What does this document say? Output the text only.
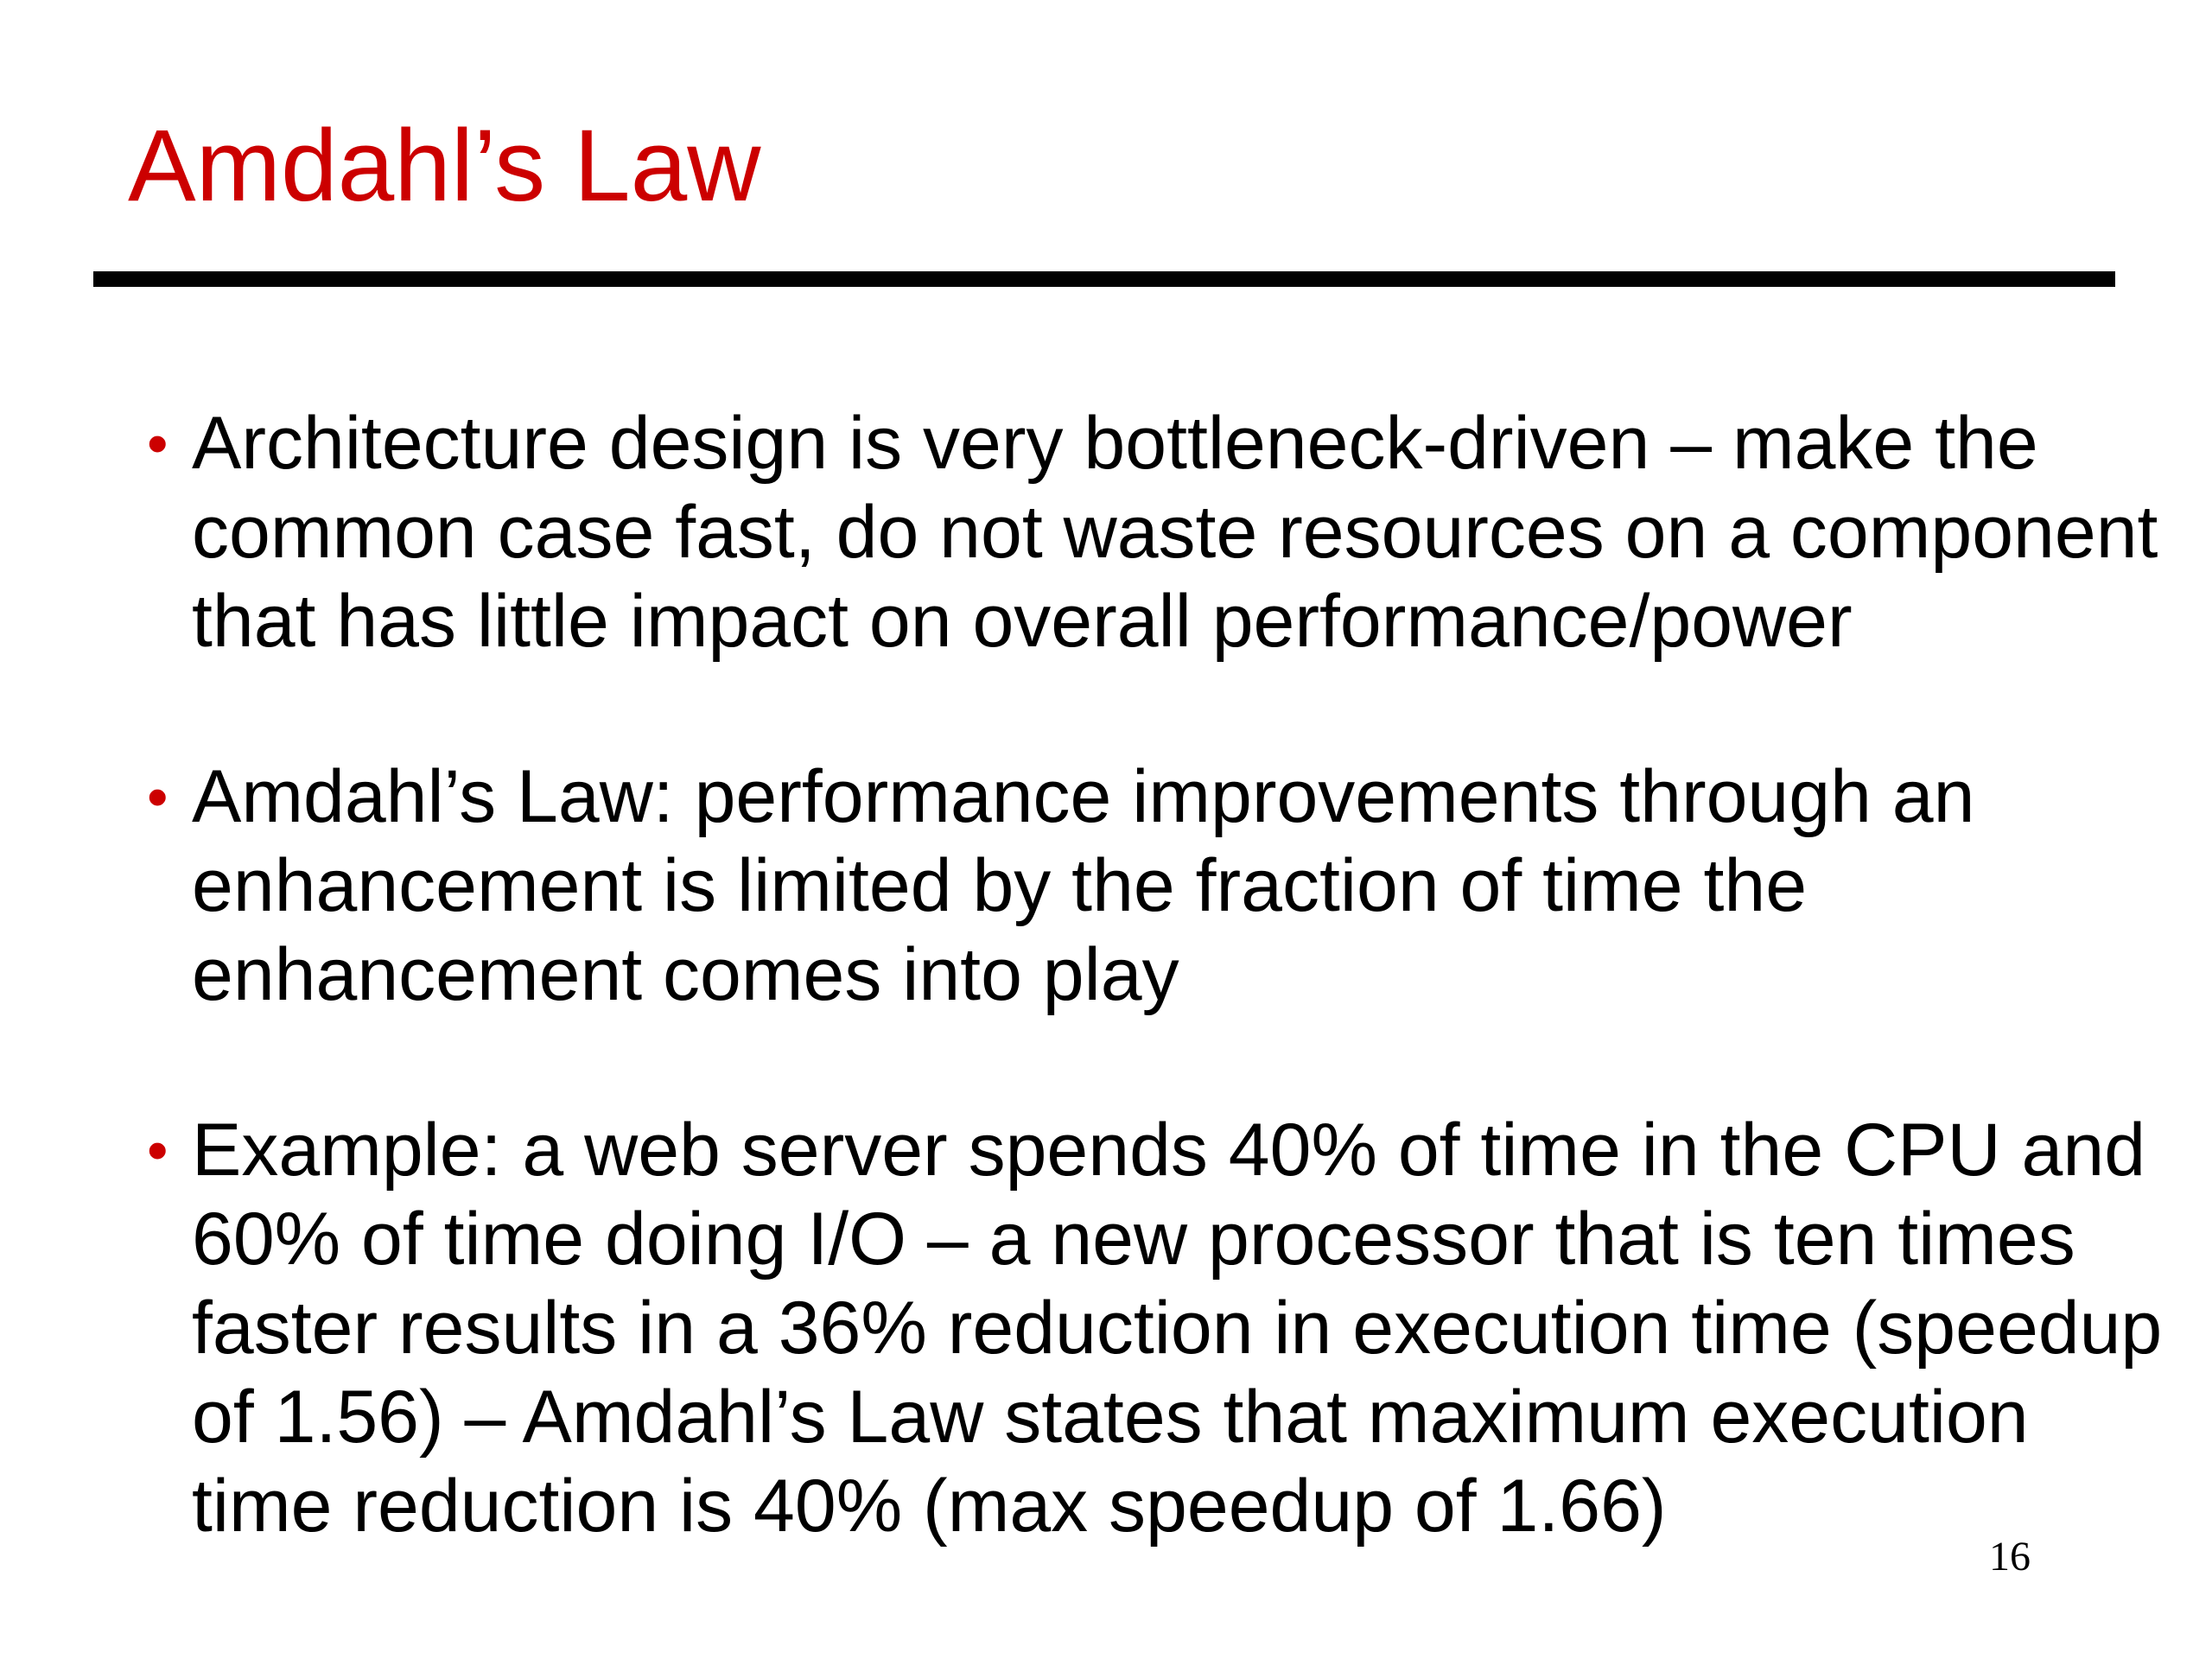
Amdahl’s Law
• Architecture design is very bottleneck-driven – make the common case fast, do not waste resources on a component that has little impact on overall performance/power
• Amdahl’s Law: performance improvements through an enhancement is limited by the fraction of time the enhancement comes into play
• Example: a web server spends 40% of time in the CPU and 60% of time doing I/O – a new processor that is ten times faster results in a 36% reduction in execution time (speedup of 1.56) – Amdahl’s Law states that maximum execution time reduction is 40% (max speedup of 1.66)
16
